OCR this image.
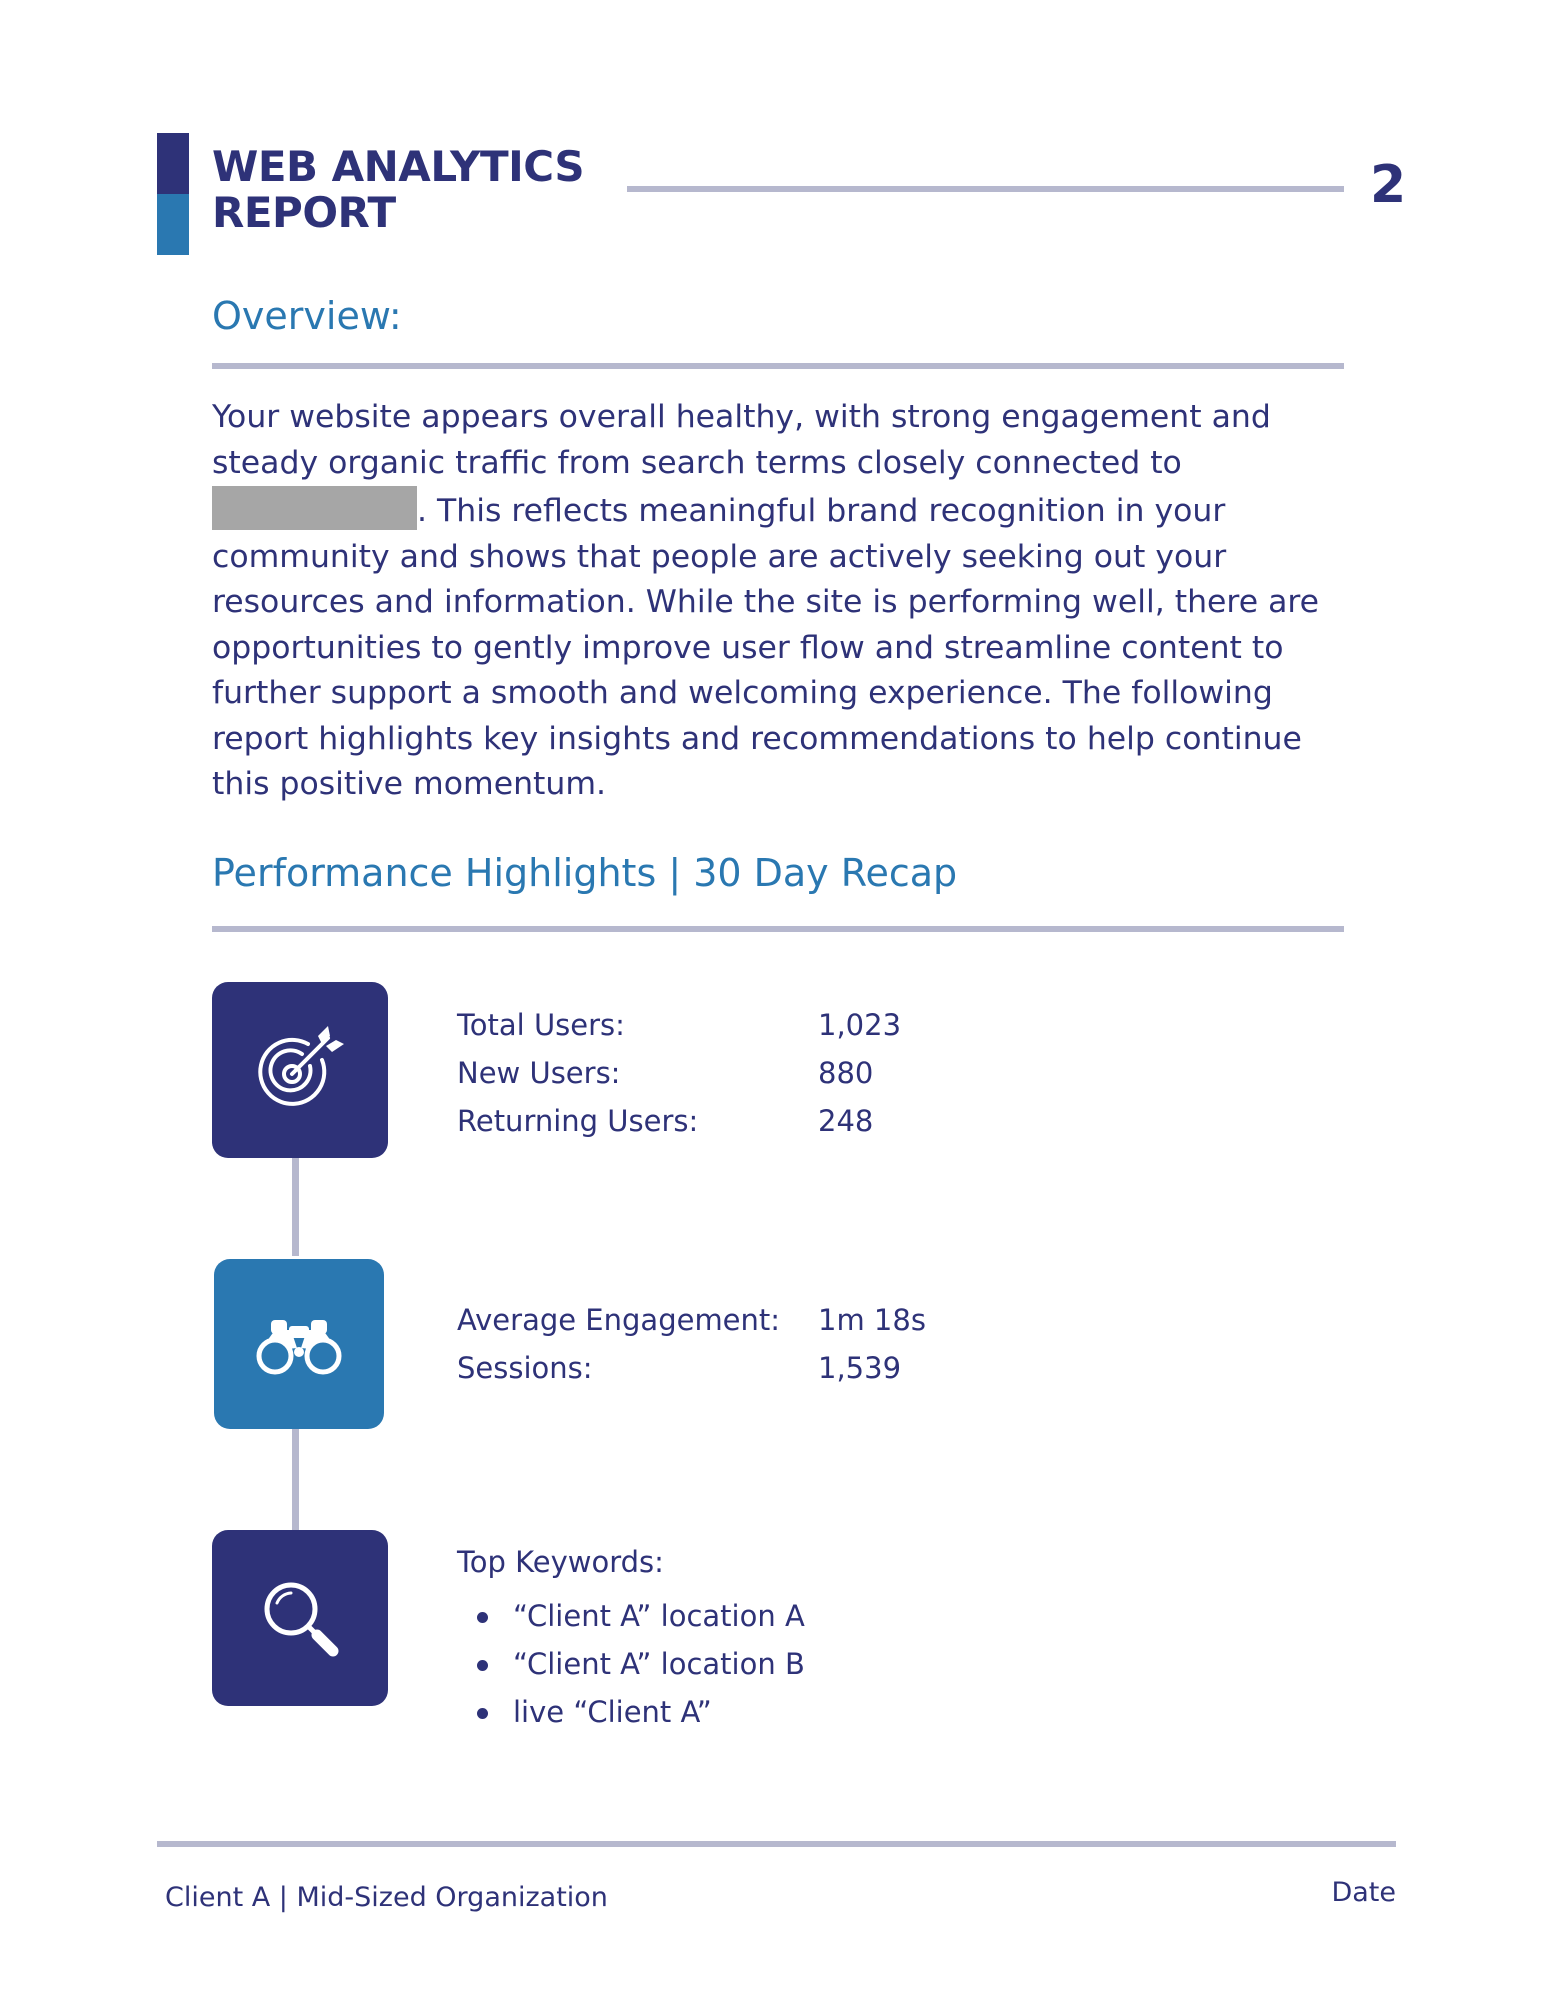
WEB ANALYTICS
REPORT	2
Overview:
Your website appears overall healthy, with strong engagement and steady organic traffic from search terms closely connected to . This reflects meaningful brand recognition in your community and shows that people are actively seeking out your resources and information. While the site is performing well, there are opportunities to gently improve user flow and streamline content to further support a smooth and welcoming experience. The following report highlights key insights and recommendations to help continue this positive momentum.
Performance Highlights | 30 Day Recap
Total Users:	1,023
New Users:	880
Returning Users:	248
Average Engagement: 1m 18s
Sessions:	1,539
Top Keywords:
“Client A” location A
“Client A” location B
live “Client A”
Client A | Mid-Sized Organization	Date
